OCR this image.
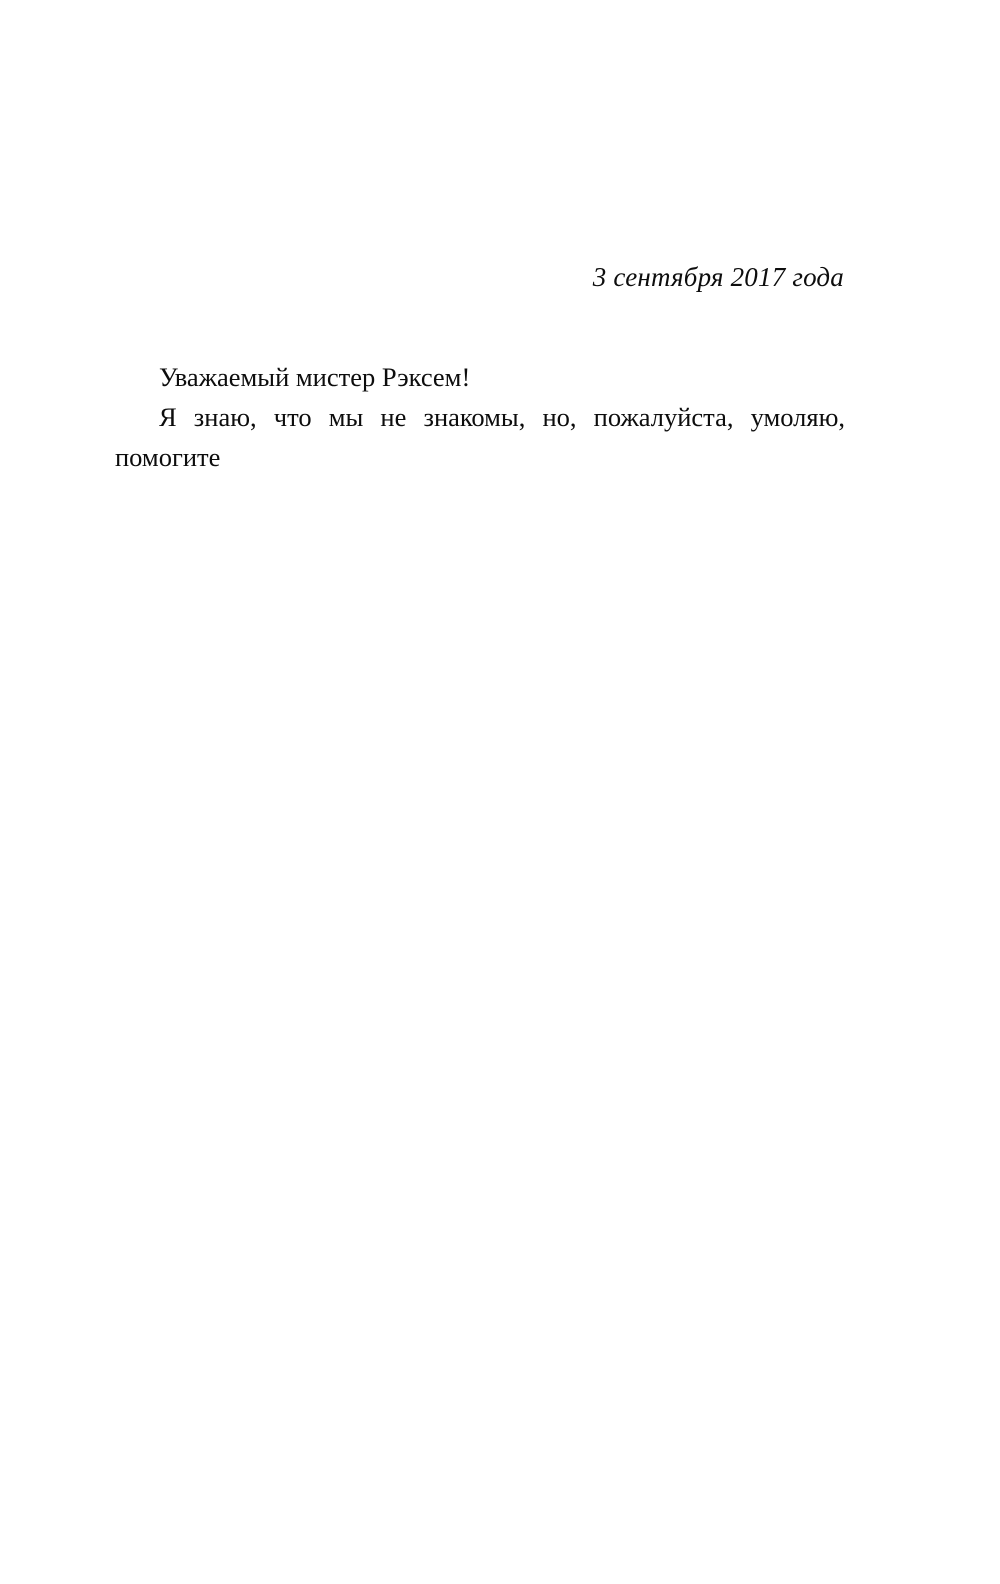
3 сентября 2017 года

Уважаемый мистер Рэксем!

Я знаю, что мы не знакомы, но, пожалуйста, умоляю, помогите
